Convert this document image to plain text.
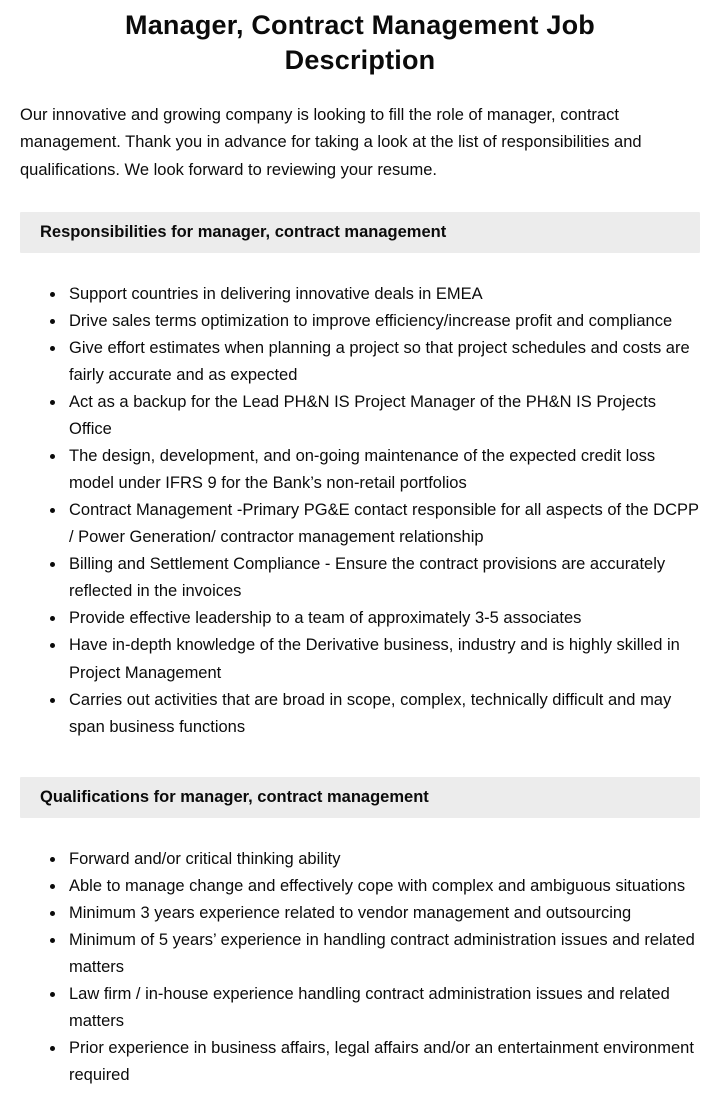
Manager, Contract Management Job Description

Our innovative and growing company is looking to fill the role of manager, contract management. Thank you in advance for taking a look at the list of responsibilities and qualifications. We look forward to reviewing your resume.

Responsibilities for manager, contract management
• Support countries in delivering innovative deals in EMEA
• Drive sales terms optimization to improve efficiency/increase profit and compliance
• Give effort estimates when planning a project so that project schedules and costs are fairly accurate and as expected
• Act as a backup for the Lead PH&N IS Project Manager of the PH&N IS Projects Office
• The design, development, and on-going maintenance of the expected credit loss model under IFRS 9 for the Bank’s non-retail portfolios
• Contract Management -Primary PG&E contact responsible for all aspects of the DCPP / Power Generation/ contractor management relationship
• Billing and Settlement Compliance - Ensure the contract provisions are accurately reflected in the invoices
• Provide effective leadership to a team of approximately 3-5 associates
• Have in-depth knowledge of the Derivative business, industry and is highly skilled in Project Management
• Carries out activities that are broad in scope, complex, technically difficult and may span business functions
Qualifications for manager, contract management
• Forward and/or critical thinking ability
• Able to manage change and effectively cope with complex and ambiguous situations
• Minimum 3 years experience related to vendor management and outsourcing
• Minimum of 5 years’ experience in handling contract administration issues and related matters
• Law firm / in-house experience handling contract administration issues and related matters
• Prior experience in business affairs, legal affairs and/or an entertainment environment required
